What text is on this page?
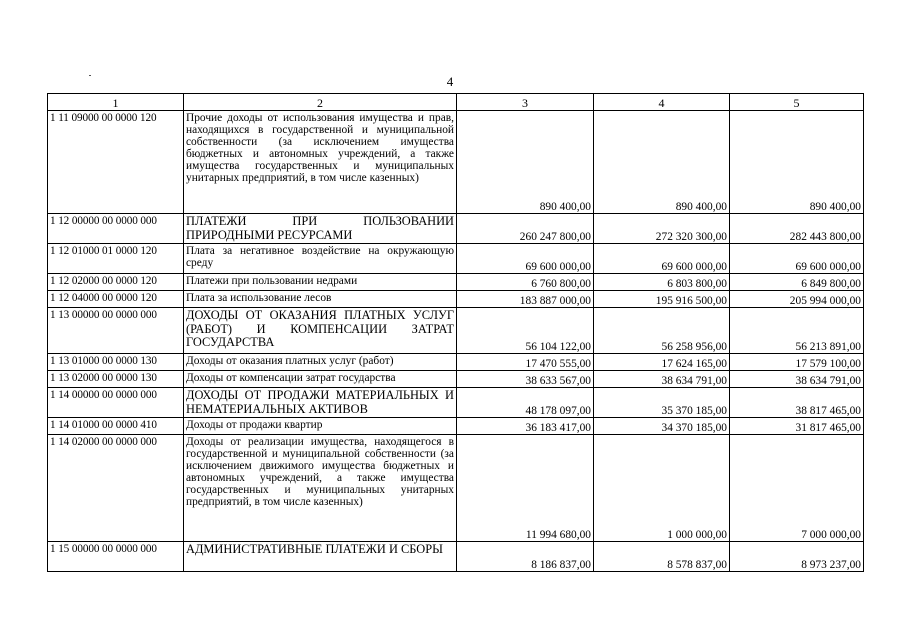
4
1	2	3	4	5
1 11 09000 00 0000 120	Прочие доходы от использования имущества и прав, находящихся в государственной и муниципальной собственности (за исключением имущества бюджетных и автономных учреждений, а также имущества государственных и муниципальных унитарных предприятий, в том числе казенных)	890 400,00	890 400,00	890 400,00
1 12 00000 00 0000 000	ПЛАТЕЖИ ПРИ ПОЛЬЗОВАНИИ ПРИРОДНЫМИ РЕСУРСАМИ	260 247 800,00	272 320 300,00	282 443 800,00
1 12 01000 01 0000 120	Плата за негативное воздействие на окружающую среду	69 600 000,00	69 600 000,00	69 600 000,00
1 12 02000 00 0000 120	Платежи при пользовании недрами	6 760 800,00	6 803 800,00	6 849 800,00
1 12 04000 00 0000 120	Плата за использование лесов	183 887 000,00	195 916 500,00	205 994 000,00
1 13 00000 00 0000 000	ДОХОДЫ ОТ ОКАЗАНИЯ ПЛАТНЫХ УСЛУГ (РАБОТ) И КОМПЕНСАЦИИ ЗАТРАТ ГОСУДАРСТВА	56 104 122,00	56 258 956,00	56 213 891,00
1 13 01000 00 0000 130	Доходы от оказания платных услуг (работ)	17 470 555,00	17 624 165,00	17 579 100,00
1 13 02000 00 0000 130	Доходы от компенсации затрат государства	38 633 567,00	38 634 791,00	38 634 791,00
1 14 00000 00 0000 000	ДОХОДЫ ОТ ПРОДАЖИ МАТЕРИАЛЬНЫХ И НЕМАТЕРИАЛЬНЫХ АКТИВОВ	48 178 097,00	35 370 185,00	38 817 465,00
1 14 01000 00 0000 410	Доходы от продажи квартир	36 183 417,00	34 370 185,00	31 817 465,00
1 14 02000 00 0000 000	Доходы от реализации имущества, находящегося в государственной и муниципальной собственности (за исключением движимого имущества бюджетных и автономных учреждений, а также имущества государственных и муниципальных унитарных предприятий, в том числе казенных)	11 994 680,00	1 000 000,00	7 000 000,00
1 15 00000 00 0000 000	АДМИНИСТРАТИВНЫЕ ПЛАТЕЖИ И СБОРЫ	8 186 837,00	8 578 837,00	8 973 237,00
